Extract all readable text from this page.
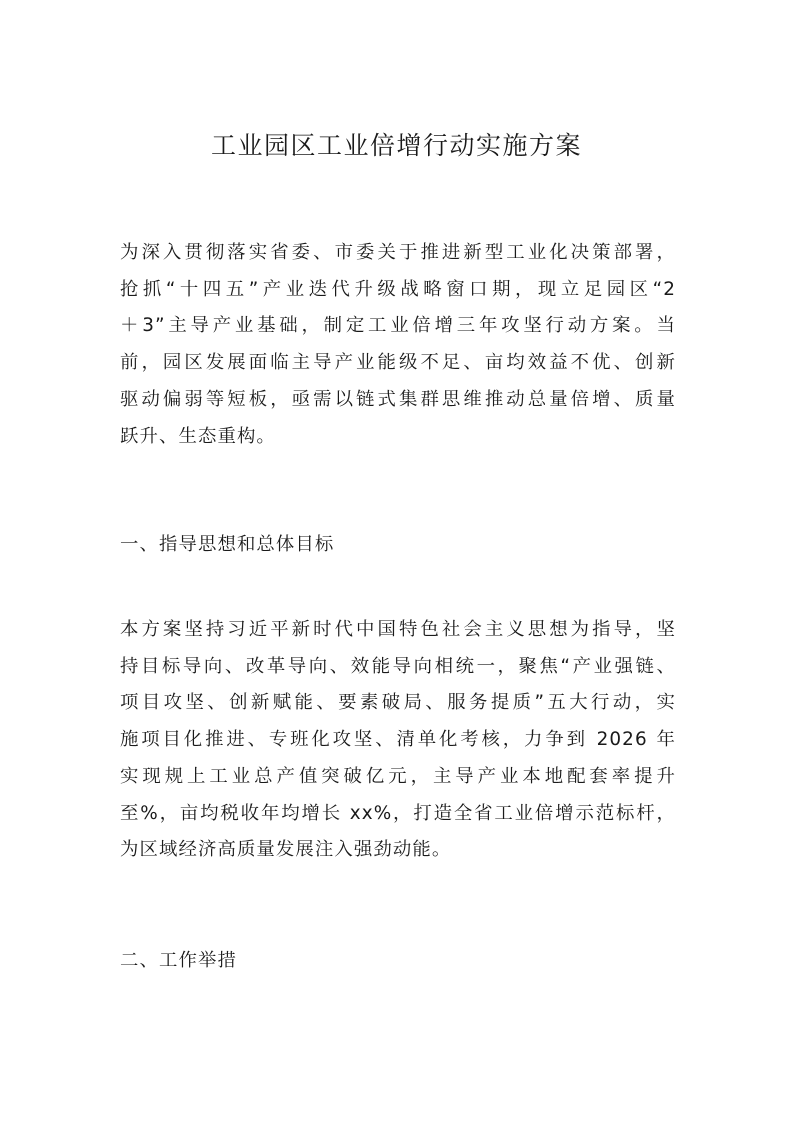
工业园区工业倍增行动实施方案

为深入贯彻落实省委、市委关于推进新型工业化决策部署，
抢抓“十四五”产业迭代升级战略窗口期，现立足园区“2
＋3”主导产业基础，制定工业倍增三年攻坚行动方案。当
前，园区发展面临主导产业能级不足、亩均效益不优、创新
驱动偏弱等短板，亟需以链式集群思维推动总量倍增、质量
跃升、生态重构。

一、指导思想和总体目标

本方案坚持习近平新时代中国特色社会主义思想为指导，坚
持目标导向、改革导向、效能导向相统一，聚焦“产业强链、
项目攻坚、创新赋能、要素破局、服务提质”五大行动，实
施项目化推进、专班化攻坚、清单化考核，力争到 2026 年
实现规上工业总产值突破亿元，主导产业本地配套率提升
至%，亩均税收年均增长 xx%，打造全省工业倍增示范标杆，
为区域经济高质量发展注入强劲动能。

二、工作举措
